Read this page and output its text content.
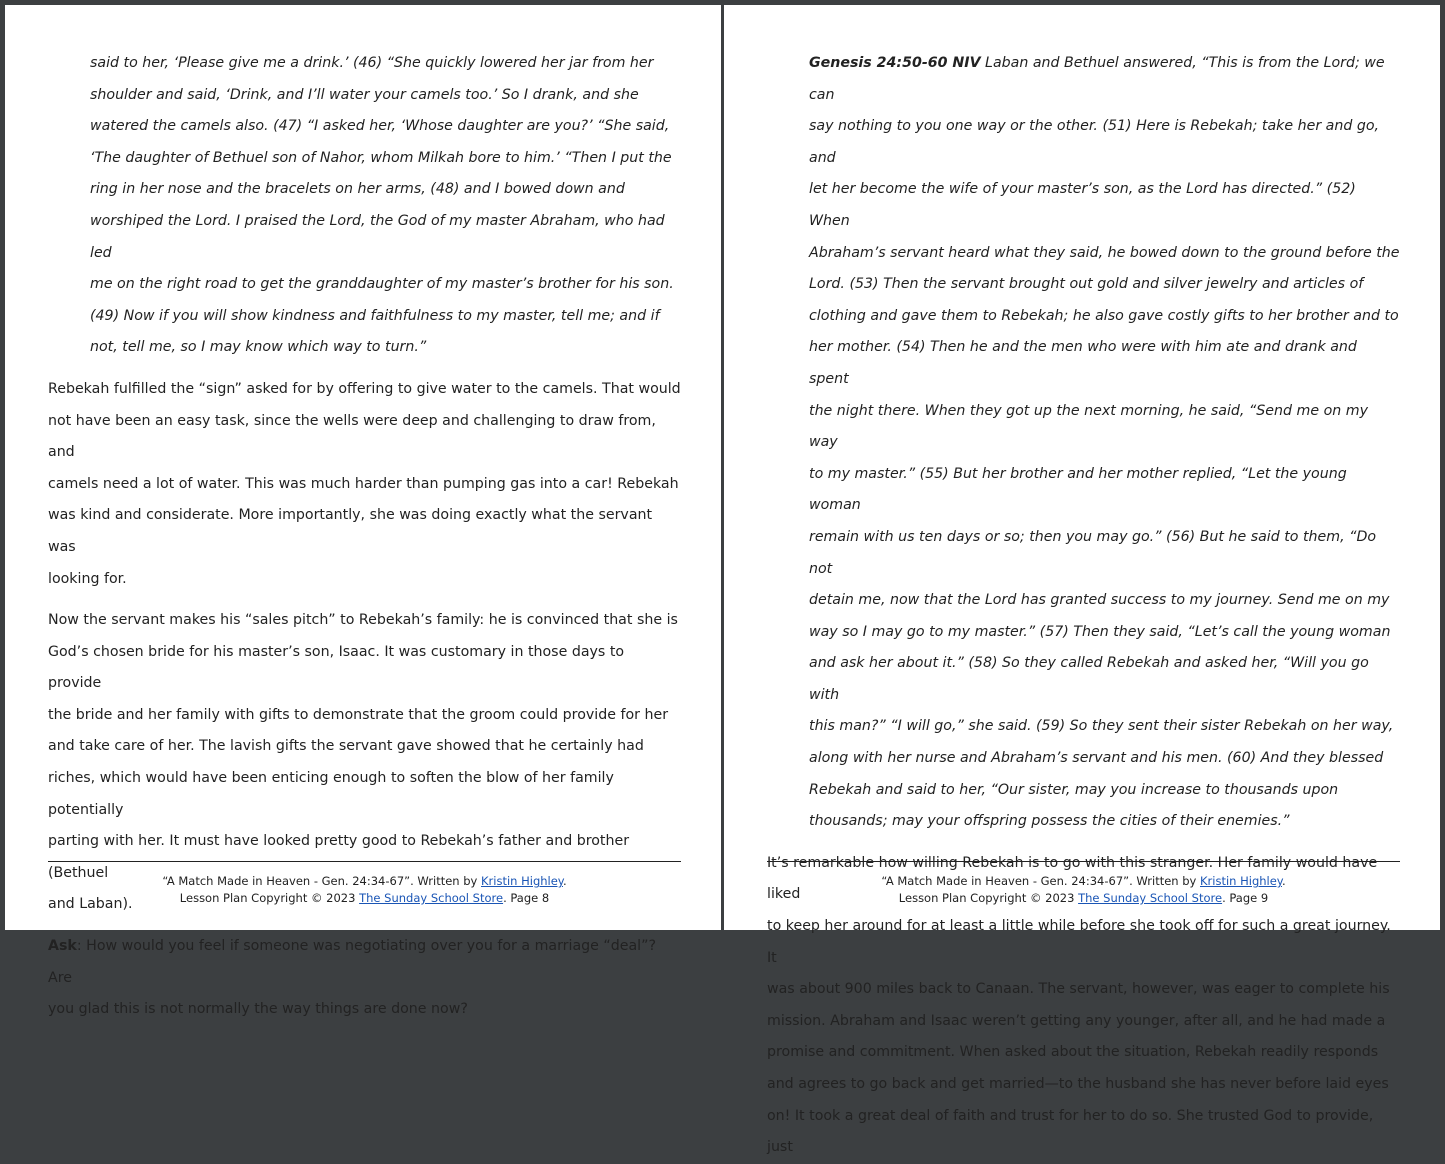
said to her, ‘Please give me a drink.’ (46) “She quickly lowered her jar from her
shoulder and said, ‘Drink, and I’ll water your camels too.’ So I drank, and she
watered the camels also. (47) “I asked her, ‘Whose daughter are you?’ “She said,
‘The daughter of Bethuel son of Nahor, whom Milkah bore to him.’ “Then I put the
ring in her nose and the bracelets on her arms, (48) and I bowed down and
worshiped the Lord. I praised the Lord, the God of my master Abraham, who had led
me on the right road to get the granddaughter of my master’s brother for his son.
(49) Now if you will show kindness and faithfulness to my master, tell me; and if
not, tell me, so I may know which way to turn.”
Rebekah fulfilled the “sign” asked for by offering to give water to the camels. That would
not have been an easy task, since the wells were deep and challenging to draw from, and
camels need a lot of water. This was much harder than pumping gas into a car! Rebekah
was kind and considerate. More importantly, she was doing exactly what the servant was
looking for.
Now the servant makes his “sales pitch” to Rebekah’s family: he is convinced that she is
God’s chosen bride for his master’s son, Isaac. It was customary in those days to provide
the bride and her family with gifts to demonstrate that the groom could provide for her
and take care of her. The lavish gifts the servant gave showed that he certainly had
riches, which would have been enticing enough to soften the blow of her family potentially
parting with her. It must have looked pretty good to Rebekah’s father and brother (Bethuel
and Laban).
Ask: How would you feel if someone was negotiating over you for a marriage “deal”? Are
you glad this is not normally the way things are done now?
“A Match Made in Heaven - Gen. 24:34-67”. Written by Kristin Highley.
Lesson Plan Copyright © 2023 The Sunday School Store. Page 8
Genesis 24:50-60 NIV Laban and Bethuel answered, “This is from the Lord; we can
say nothing to you one way or the other. (51) Here is Rebekah; take her and go, and
let her become the wife of your master’s son, as the Lord has directed.” (52) When
Abraham’s servant heard what they said, he bowed down to the ground before the
Lord. (53) Then the servant brought out gold and silver jewelry and articles of
clothing and gave them to Rebekah; he also gave costly gifts to her brother and to
her mother. (54) Then he and the men who were with him ate and drank and spent
the night there. When they got up the next morning, he said, “Send me on my way
to my master.” (55) But her brother and her mother replied, “Let the young woman
remain with us ten days or so; then you may go.” (56) But he said to them, “Do not
detain me, now that the Lord has granted success to my journey. Send me on my
way so I may go to my master.” (57) Then they said, “Let’s call the young woman
and ask her about it.” (58) So they called Rebekah and asked her, “Will you go with
this man?” “I will go,” she said. (59) So they sent their sister Rebekah on her way,
along with her nurse and Abraham’s servant and his men. (60) And they blessed
Rebekah and said to her, “Our sister, may you increase to thousands upon
thousands; may your offspring possess the cities of their enemies.”
It’s remarkable how willing Rebekah is to go with this stranger. Her family would have liked
to keep her around for at least a little while before she took off for such a great journey. It
was about 900 miles back to Canaan. The servant, however, was eager to complete his
mission. Abraham and Isaac weren’t getting any younger, after all, and he had made a
promise and commitment. When asked about the situation, Rebekah readily responds
and agrees to go back and get married—to the husband she has never before laid eyes
on! It took a great deal of faith and trust for her to do so. She trusted God to provide, just
“A Match Made in Heaven - Gen. 24:34-67”. Written by Kristin Highley.
Lesson Plan Copyright © 2023 The Sunday School Store. Page 9
